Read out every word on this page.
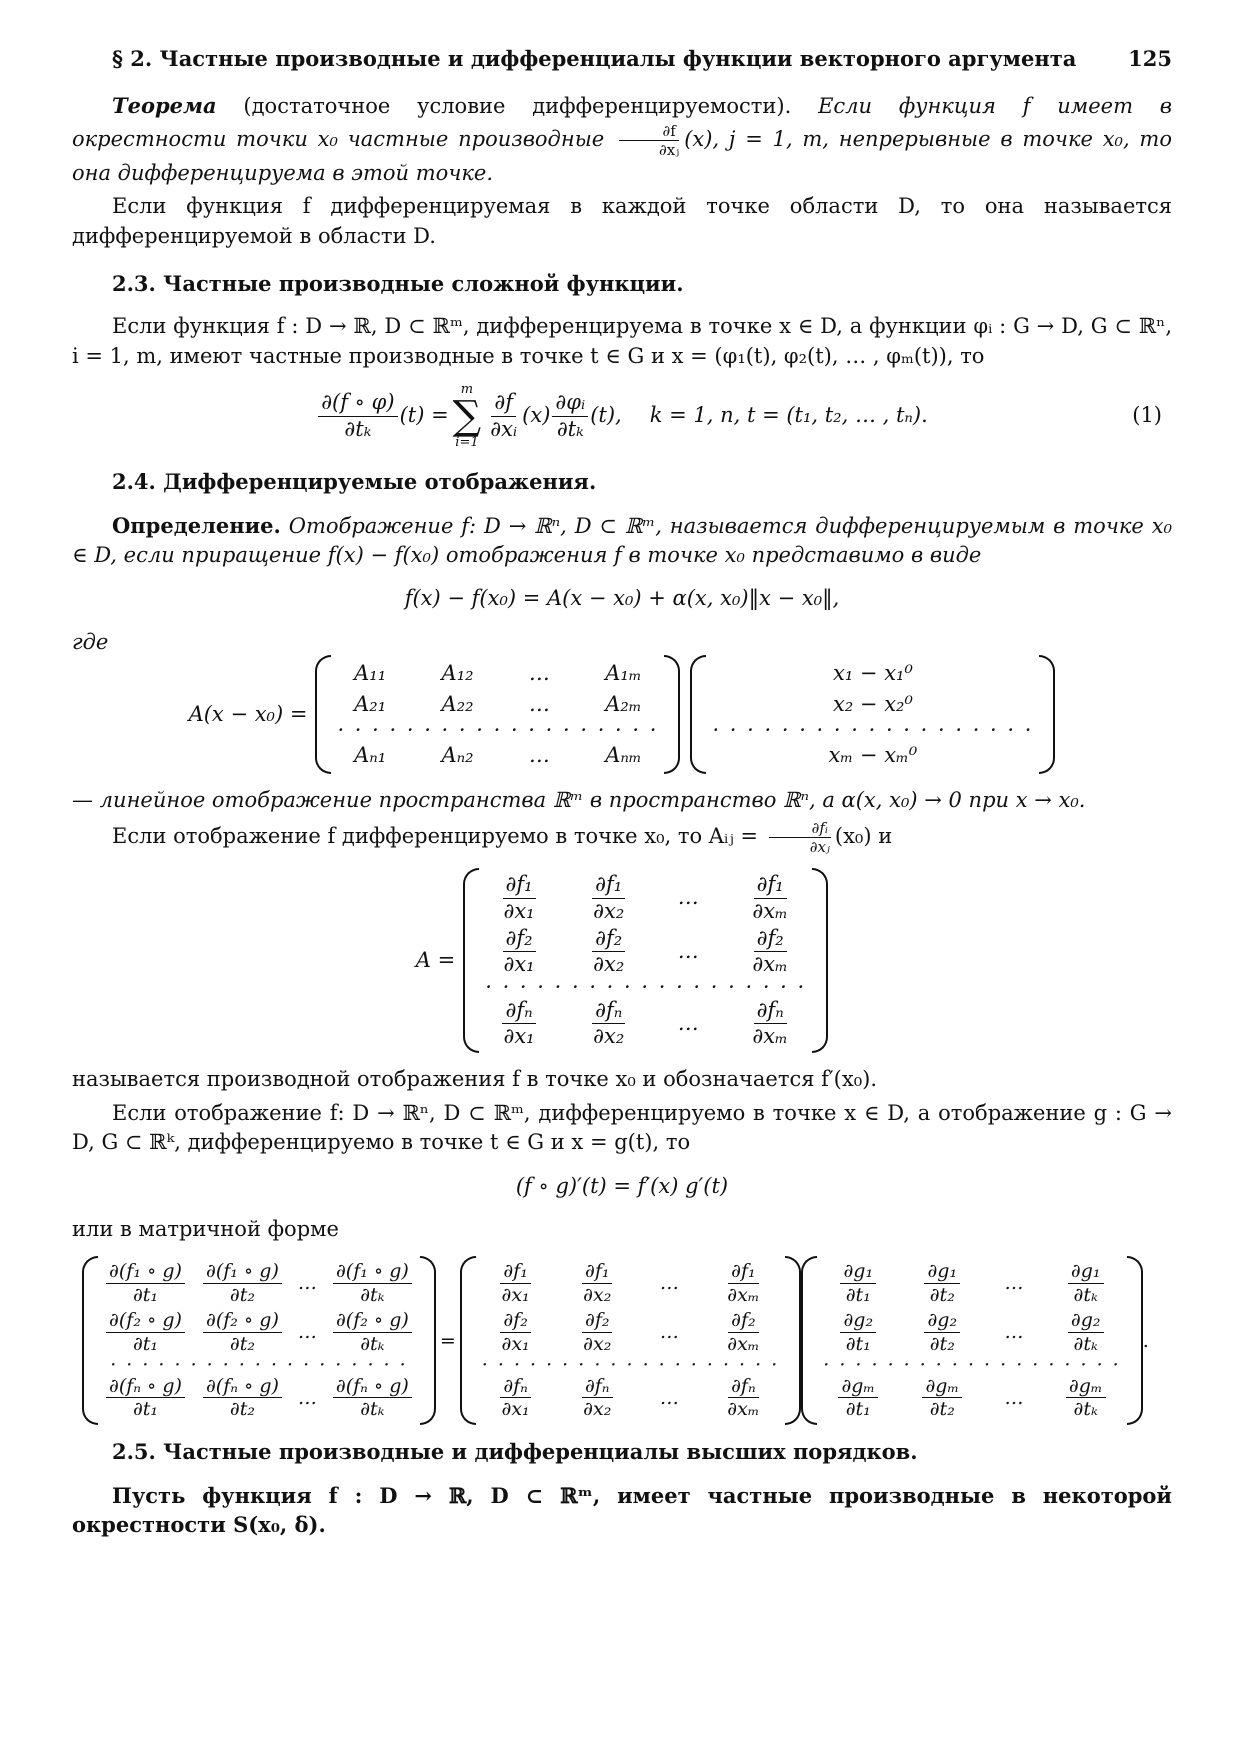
§ 2. Частные производные и дифференциалы функции векторного аргумента 125

Теорема (достаточное условие дифференцируемости). Если функция f имеет в окрестности точки x₀ частные производные $\frac{\partial f}{\text{∂xⱼ}} (x)$, j = 1, m, непрерывные в точке x₀, то она дифференцируема в этой точке.

Если функция f дифференцируемая в каждой точке области D, то она называется дифференцируемой в области D.

2.3. Частные производные сложной функции.

Если функция f : D → ℝ, D ⊂ ℝᵐ, дифференцируема в точке x ∈ D, а функции φᵢ : G → D, G ⊂ ℝⁿ, i = 1, m, имеют частные производные в точке t ∈ G и x = (φ₁(t), φ₂(t), … , φₘ(t)), то

$\frac{\partial(f \circ \varphi)}{\text{∂tₖ}} (t)$ =
m
∑
i=1
$\frac{\partial f}{\text{∂xᵢ}} (x) \frac{\text{∂φᵢ}}{\text{∂tₖ}} (t)$, k = 1, n, t = (t₁, t₂, … , tₙ).	(1)
2.4. Дифференцируемые отображения.

Определение. Отображение f: D → ℝⁿ, D ⊂ ℝᵐ, называется дифференцируемым в точке x₀ ∈ D, если приращение f(x) − f(x₀) отображения f в точке x₀ представимо в виде

f(x) − f(x₀) = A(x − x₀) + α(x, x₀)‖x − x₀‖,

где

A(x − x₀) =
A₁₁	A₁₂	…	A₁ₘ
A₂₁	A₂₂	…	A₂ₘ
· · · · · · · · · · · · · · · · · · ·
Aₙ₁	Aₙ₂	…	Aₙₘ
x₁ − x₁⁰
x₂ − x₂⁰
· · · · · · · · · · · · · · · · · · ·
xₘ − xₘ⁰

— линейное отображение пространства ℝᵐ в пространство ℝⁿ, а α(x, x₀) → 0 при x → x₀.

Если отображение f дифференцируемо в точке x₀, то Aᵢⱼ = $\frac{\text{∂fᵢ}}{\text{∂xⱼ}} (x_0)$ и

A =
$\frac{\text{∂f₁}}{\text{∂x₁}}$	$\frac{\text{∂f₁}}{\text{∂x₂}}$ … $\frac{\text{∂f₁}}{\text{∂xₘ}}$
$\frac{\text{∂f₂}}{\text{∂x₁}}$	$\frac{\text{∂f₂}}{\text{∂x₂}}$ … $\frac{\text{∂f₂}}{\text{∂xₘ}}$
· · · · · · · · · · · · · · · · · · ·
$\frac{\text{∂fₙ}}{\text{∂x₁}}$	$\frac{\text{∂fₙ}}{\text{∂x₂}}$ … $\frac{\text{∂fₙ}}{\text{∂xₘ}}$

называется производной отображения f в точке x₀ и обозначается f′(x₀).

Если отображение f: D → ℝⁿ, D ⊂ ℝᵐ, дифференцируемо в точке x ∈ D, а отображение g : G → D, G ⊂ ℝᵏ, дифференцируемо в точке t ∈ G и x = g(t), то

(f ∘ g)′(t) = f′(x) g′(t)

или в матричной форме

$\frac{\text{∂(f₁ ∘ g)}}{\text{∂t₁}} \frac{\text{∂(f₁ ∘ g)}}{\text{∂t₂}}$ … $\frac{\text{∂(f₁ ∘ g)}}{\text{∂tₖ}}$
$\frac{\text{∂(f₂ ∘ g)}}{\text{∂t₁}} \frac{\text{∂(f₂ ∘ g)}}{\text{∂t₂}}$ … $\frac{\text{∂(f₂ ∘ g)}}{\text{∂tₖ}}$
· · · · · · · · · · · · · · · · · · ·
$\frac{\text{∂(fₙ ∘ g)}}{\text{∂t₁}} \frac{\text{∂(fₙ ∘ g)}}{\text{∂t₂}}$ … $\frac{\text{∂(fₙ ∘ g)}}{\text{∂tₖ}}$
=
$\frac{\text{∂f₁}}{\text{∂x₁}} \frac{\text{∂f₁}}{\text{∂x₂}}$ … $\frac{\text{∂f₁}}{\text{∂xₘ}}$
$\frac{\text{∂f₂}}{\text{∂x₁}} \frac{\text{∂f₂}}{\text{∂x₂}}$ … $\frac{\text{∂f₂}}{\text{∂xₘ}}$
· · · · · · · · · · · · · · · · · · ·
$\frac{\text{∂fₙ}}{\text{∂x₁}} \frac{\text{∂fₙ}}{\text{∂x₂}}$ … $\frac{\text{∂fₙ}}{\text{∂xₘ}}$
$\frac{\text{∂g₁}}{\text{∂t₁}}$	$\frac{\text{∂g₁}}{\text{∂t₂}}$ … $\frac{\text{∂g₁}}{\text{∂tₖ}}$
$\frac{\text{∂g₂}}{\text{∂t₁}}$	$\frac{\text{∂g₂}}{\text{∂t₂}}$ … $\frac{\text{∂g₂}}{\text{∂tₖ}}$
· · · · · · · · · · · · · · · · · · ·
$\frac{\text{∂gₘ}}{\text{∂t₁}} \frac{\text{∂gₘ}}{\text{∂t₂}}$ … $\frac{\text{∂gₘ}}{\text{∂tₖ}}$
.
2.5. Частные производные и дифференциалы высших порядков.

Пусть функция f : D → ℝ, D ⊂ ℝᵐ, имеет частные производные в некоторой окрестности S(x₀, δ).
